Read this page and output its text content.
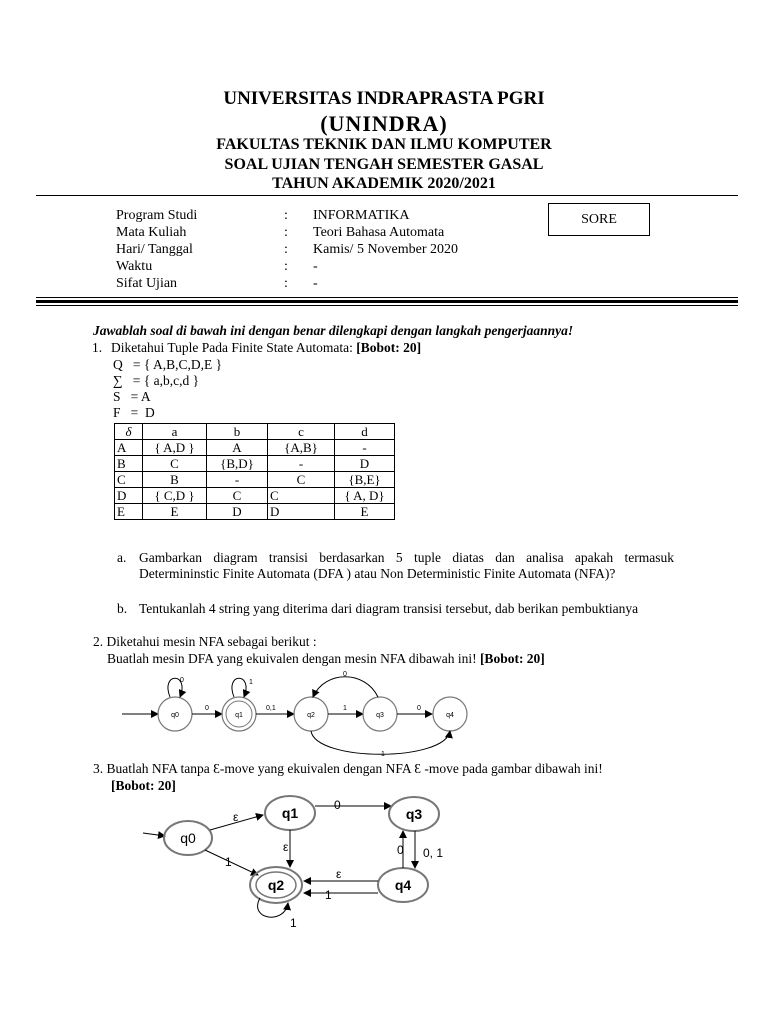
UNIVERSITAS INDRAPRASTA PGRI
(UNINDRA)
FAKULTAS TEKNIK DAN ILMU KOMPUTER
SOAL UJIAN TENGAH SEMESTER GASAL
TAHUN AKADEMIK 2020/2021
Program Studi	: INFORMATIKA
Mata Kuliah	: Teori Bahasa Automata
Hari/ Tanggal	: Kamis/ 5 November 2020
Waktu	: -
Sifat Ujian	: -
SORE
Jawablah soal di bawah ini dengan benar dilengkapi dengan langkah pengerjaannya!
1. Diketahui Tuple Pada Finite State Automata: [Bobot: 20]
Q   = { A,B,C,D,E }
∑   = { a,b,c,d }
S   = A
F   =  D
δ	a	b	c	d
A	{ A,D }	A	{A,B}	-
B	C	{B,D}	-	D
C	B	-	C	{B,E}
D	{ C,D }	C	C	{ A, D}
E	E	D	D	E
a. Gambarkan diagram transisi berdasarkan 5 tuple diatas dan analisa apakah termasuk Determininstic Finite Automata (DFA ) atau Non Deterministic Finite Automata (NFA)?
b. Tentukanlah 4 string yang diterima dari diagram transisi tersebut, dab berikan pembuktianya
2. Diketahui mesin NFA sebagai berikut :
Buatlah mesin DFA yang ekuivalen dengan mesin NFA dibawah ini! [Bobot: 20]
q0
0
0
q1
1
0,1
q2
1
q3
0
0
q4
1
q0
ε	q1	0
q3
ε
1
q2
1
q4
ε
1
0 0, 1
3. Buatlah NFA tanpa Ɛ-move yang ekuivalen dengan NFA Ɛ -move pada gambar dibawah ini!
[Bobot: 20]
